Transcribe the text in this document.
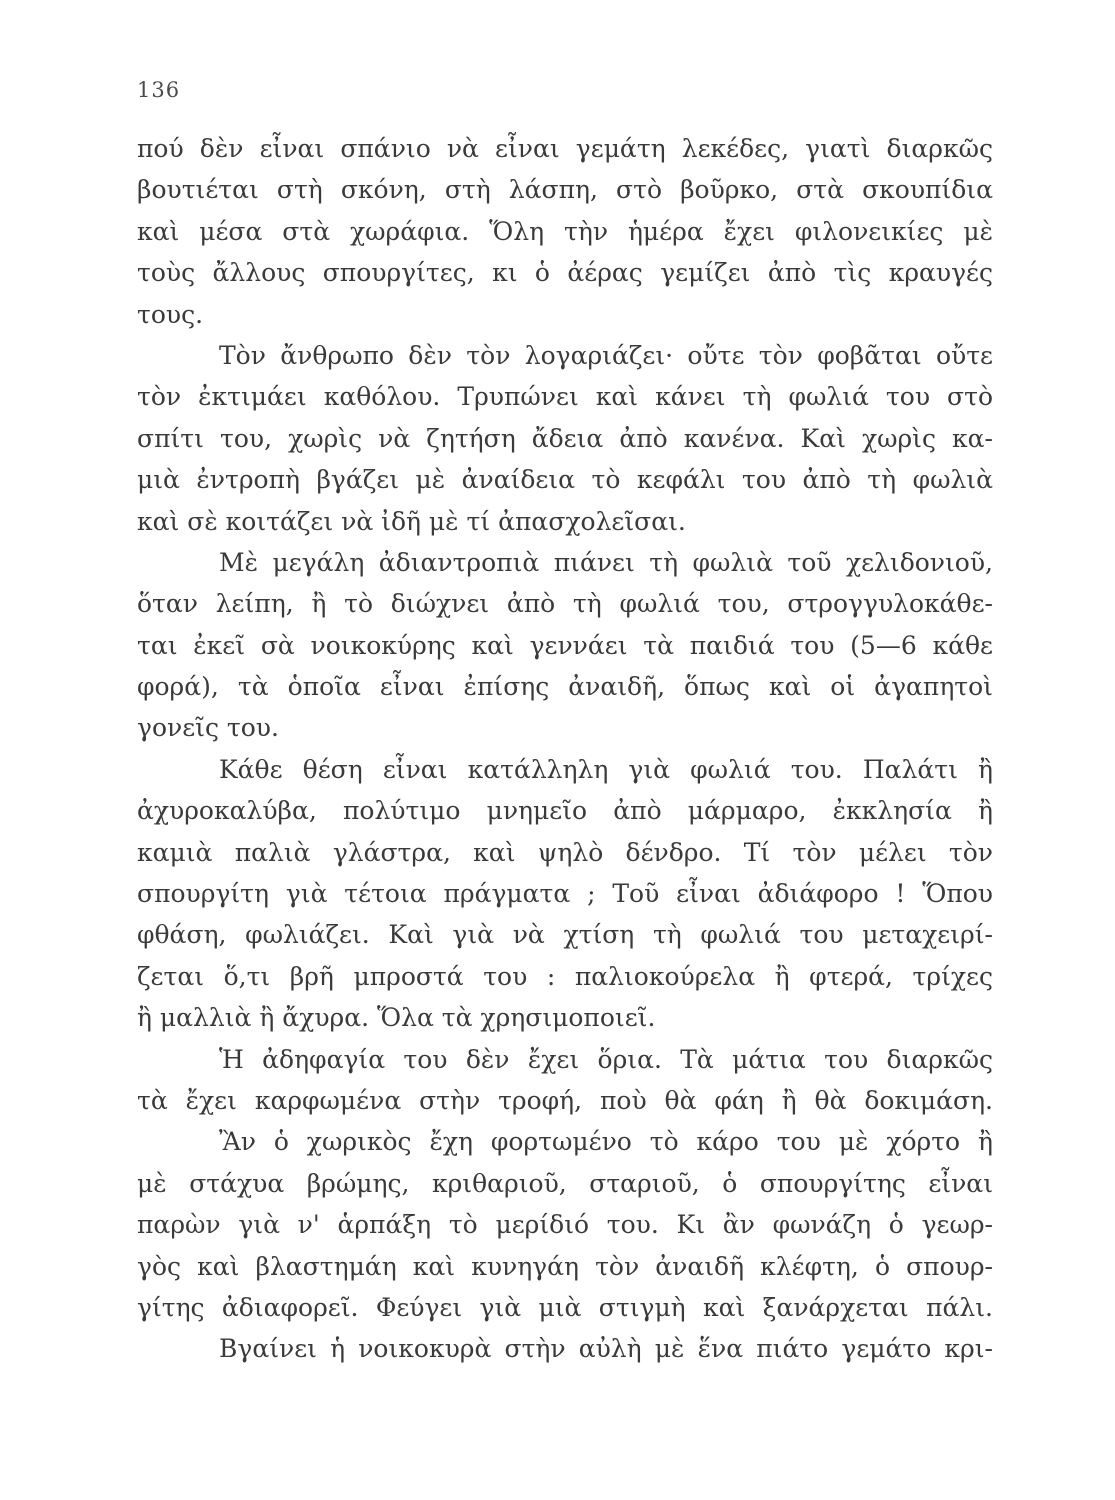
136
πού δὲν εἶναι σπάνιο νὰ εἶναι γεμάτη λεκέδες, γιατὶ διαρκῶς
βουτιέται στὴ σκόνη, στὴ λάσπη, στὸ βοῦρκο, στὰ σκουπίδια
καὶ μέσα στὰ χωράφια. Ὅλη τὴν ἡμέρα ἔχει φιλονεικίες μὲ
τοὺς ἄλλους σπουργίτες, κι ὁ ἀέρας γεμίζει ἀπὸ τὶς κραυγές
τους.
Τὸν ἄνθρωπο δὲν τὸν λογαριάζει· οὔτε τὸν φοβᾶται οὔτε
τὸν ἐκτιμάει καθόλου. Τρυπώνει καὶ κάνει τὴ φωλιά του στὸ
σπίτι του, χωρὶς νὰ ζητήση ἄδεια ἀπὸ κανένα. Καὶ χωρὶς κα-
μιὰ ἐντροπὴ βγάζει μὲ ἀναίδεια τὸ κεφάλι του ἀπὸ τὴ φωλιὰ
καὶ σὲ κοιτάζει νὰ ἰδῆ μὲ τί ἀπασχολεῖσαι.
Μὲ μεγάλη ἀδιαντροπιὰ πιάνει τὴ φωλιὰ τοῦ χελιδονιοῦ,
ὅταν λείπη, ἢ τὸ διώχνει ἀπὸ τὴ φωλιά του, στρογγυλοκάθε-
ται ἐκεῖ σὰ νοικοκύρης καὶ γεννάει τὰ παιδιά του (5—6 κάθε
φορά), τὰ ὁποῖα εἶναι ἐπίσης ἀναιδῆ, ὅπως καὶ οἱ ἀγαπητοὶ
γονεῖς του.
Κάθε θέση εἶναι κατάλληλη γιὰ φωλιά του. Παλάτι ἢ
ἀχυροκαλύβα, πολύτιμο μνημεῖο ἀπὸ μάρμαρο, ἐκκλησία ἢ
καμιὰ παλιὰ γλάστρα, καὶ ψηλὸ δένδρο. Τί τὸν μέλει τὸν
σπουργίτη γιὰ τέτοια πράγματα ; Τοῦ εἶναι ἀδιάφορο ! Ὅπου
φθάση, φωλιάζει. Καὶ γιὰ νὰ χτίση τὴ φωλιά του μεταχειρί-
ζεται ὅ,τι βρῆ μπροστά του : παλιοκούρελα ἢ φτερά, τρίχες
ἢ μαλλιὰ ἢ ἄχυρα. Ὅλα τὰ χρησιμοποιεῖ.
Ἡ ἀδηφαγία του δὲν ἔχει ὅρια. Τὰ μάτια του διαρκῶς
τὰ ἔχει καρφωμένα στὴν τροφή, ποὺ θὰ φάη ἢ θὰ δοκιμάση.
Ἂν ὁ χωρικὸς ἔχη φορτωμένο τὸ κάρο του μὲ χόρτο ἢ
μὲ στάχυα βρώμης, κριθαριοῦ, σταριοῦ, ὁ σπουργίτης εἶναι
παρὼν γιὰ ν' ἁρπάξη τὸ μερίδιό του. Κι ἂν φωνάζη ὁ γεωρ-
γὸς καὶ βλαστημάη καὶ κυνηγάη τὸν ἀναιδῆ κλέφτη, ὁ σπουρ-
γίτης ἀδιαφορεῖ. Φεύγει γιὰ μιὰ στιγμὴ καὶ ξανάρχεται πάλι.
Βγαίνει ἡ νοικοκυρὰ στὴν αὐλὴ μὲ ἕνα πιάτο γεμάτο κρι-
